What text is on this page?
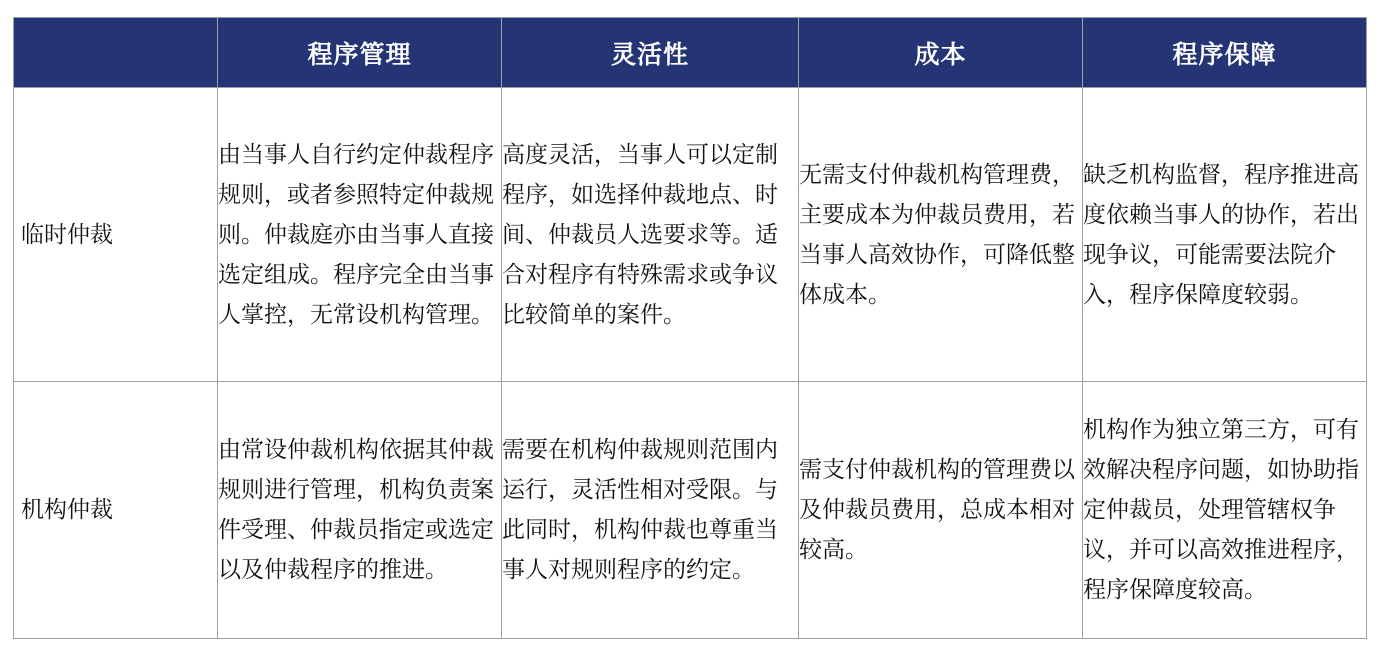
	程序管理	灵活性	成本	程序保障
临时仲裁	由当事人自行约定仲裁程序规则，或者参照特定仲裁规则。仲裁庭亦由当事人直接选定组成。程序完全由当事人掌控，无常设机构管理。	高度灵活，当事人可以定制程序，如选择仲裁地点、时间、仲裁员人选要求等。适合对程序有特殊需求或争议比较简单的案件。	无需支付仲裁机构管理费，主要成本为仲裁员费用，若当事人高效协作，可降低整体成本。	缺乏机构监督，程序推进高度依赖当事人的协作，若出现争议，可能需要法院介入，程序保障度较弱。
机构仲裁	由常设仲裁机构依据其仲裁规则进行管理，机构负责案件受理、仲裁员指定或选定以及仲裁程序的推进。	需要在机构仲裁规则范围内运行，灵活性相对受限。与此同时，机构仲裁也尊重当事人对规则程序的约定。	需支付仲裁机构的管理费以及仲裁员费用，总成本相对较高。	机构作为独立第三方，可有效解决程序问题，如协助指定仲裁员，处理管辖权争议，并可以高效推进程序，程序保障度较高。
